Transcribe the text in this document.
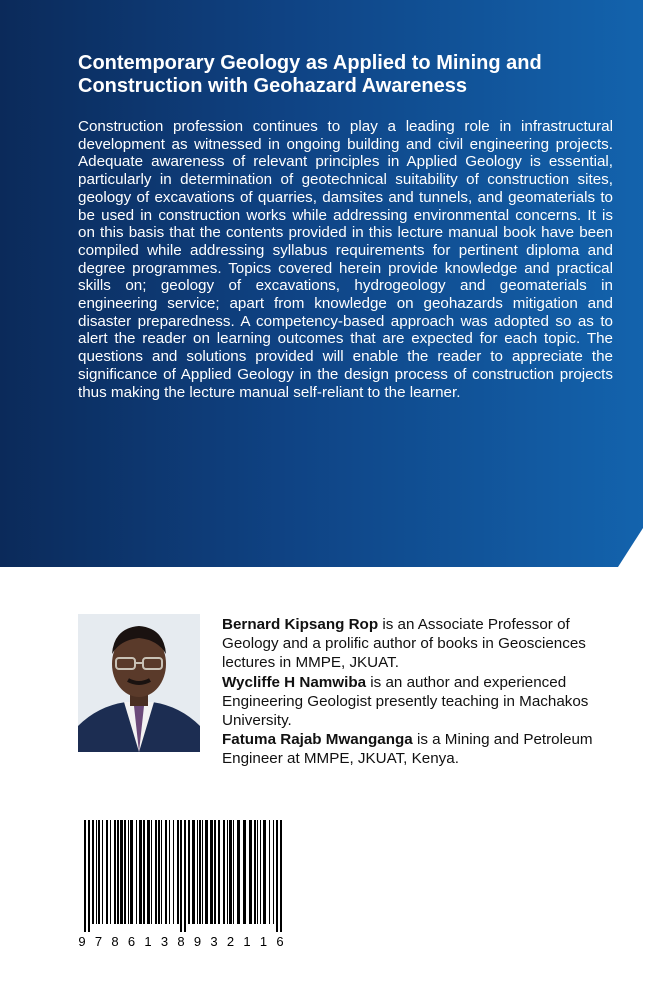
Contemporary Geology as Applied to Mining and Construction with Geohazard Awareness

Construction profession continues to play a leading role in infrastructural development as witnessed in ongoing building and civil engineering projects. Adequate awareness of relevant principles in Applied Geology is essential, particularly in determination of geotechnical suitability of construction sites, geology of excavations of quarries, damsites and tunnels, and geomaterials to be used in construction works while addressing environmental concerns. It is on this basis that the contents provided in this lecture manual book have been compiled while addressing syllabus requirements for pertinent diploma and degree programmes. Topics covered herein provide knowledge and practical skills on; geology of excavations, hydrogeology and geomaterials in engineering service; apart from knowledge on geohazards mitigation and disaster preparedness. A competency-based approach was adopted so as to alert the reader on learning outcomes that are expected for each topic. The questions and solutions provided will enable the reader to appreciate the significance of Applied Geology in the design process of construction projects thus making the lecture manual self-reliant to the learner.

Bernard Kipsang Rop is an Associate Professor of Geology and a prolific author of books in Geosciences lectures in MMPE, JKUAT.

Wycliffe H Namwiba is an author and experienced Engineering Geologist presently teaching in Machakos University.

Fatuma Rajab Mwanganga is a Mining and Petroleum Engineer at MMPE, JKUAT, Kenya.

9 7 8 6 1 3 8 9 3 2 1 1 6
